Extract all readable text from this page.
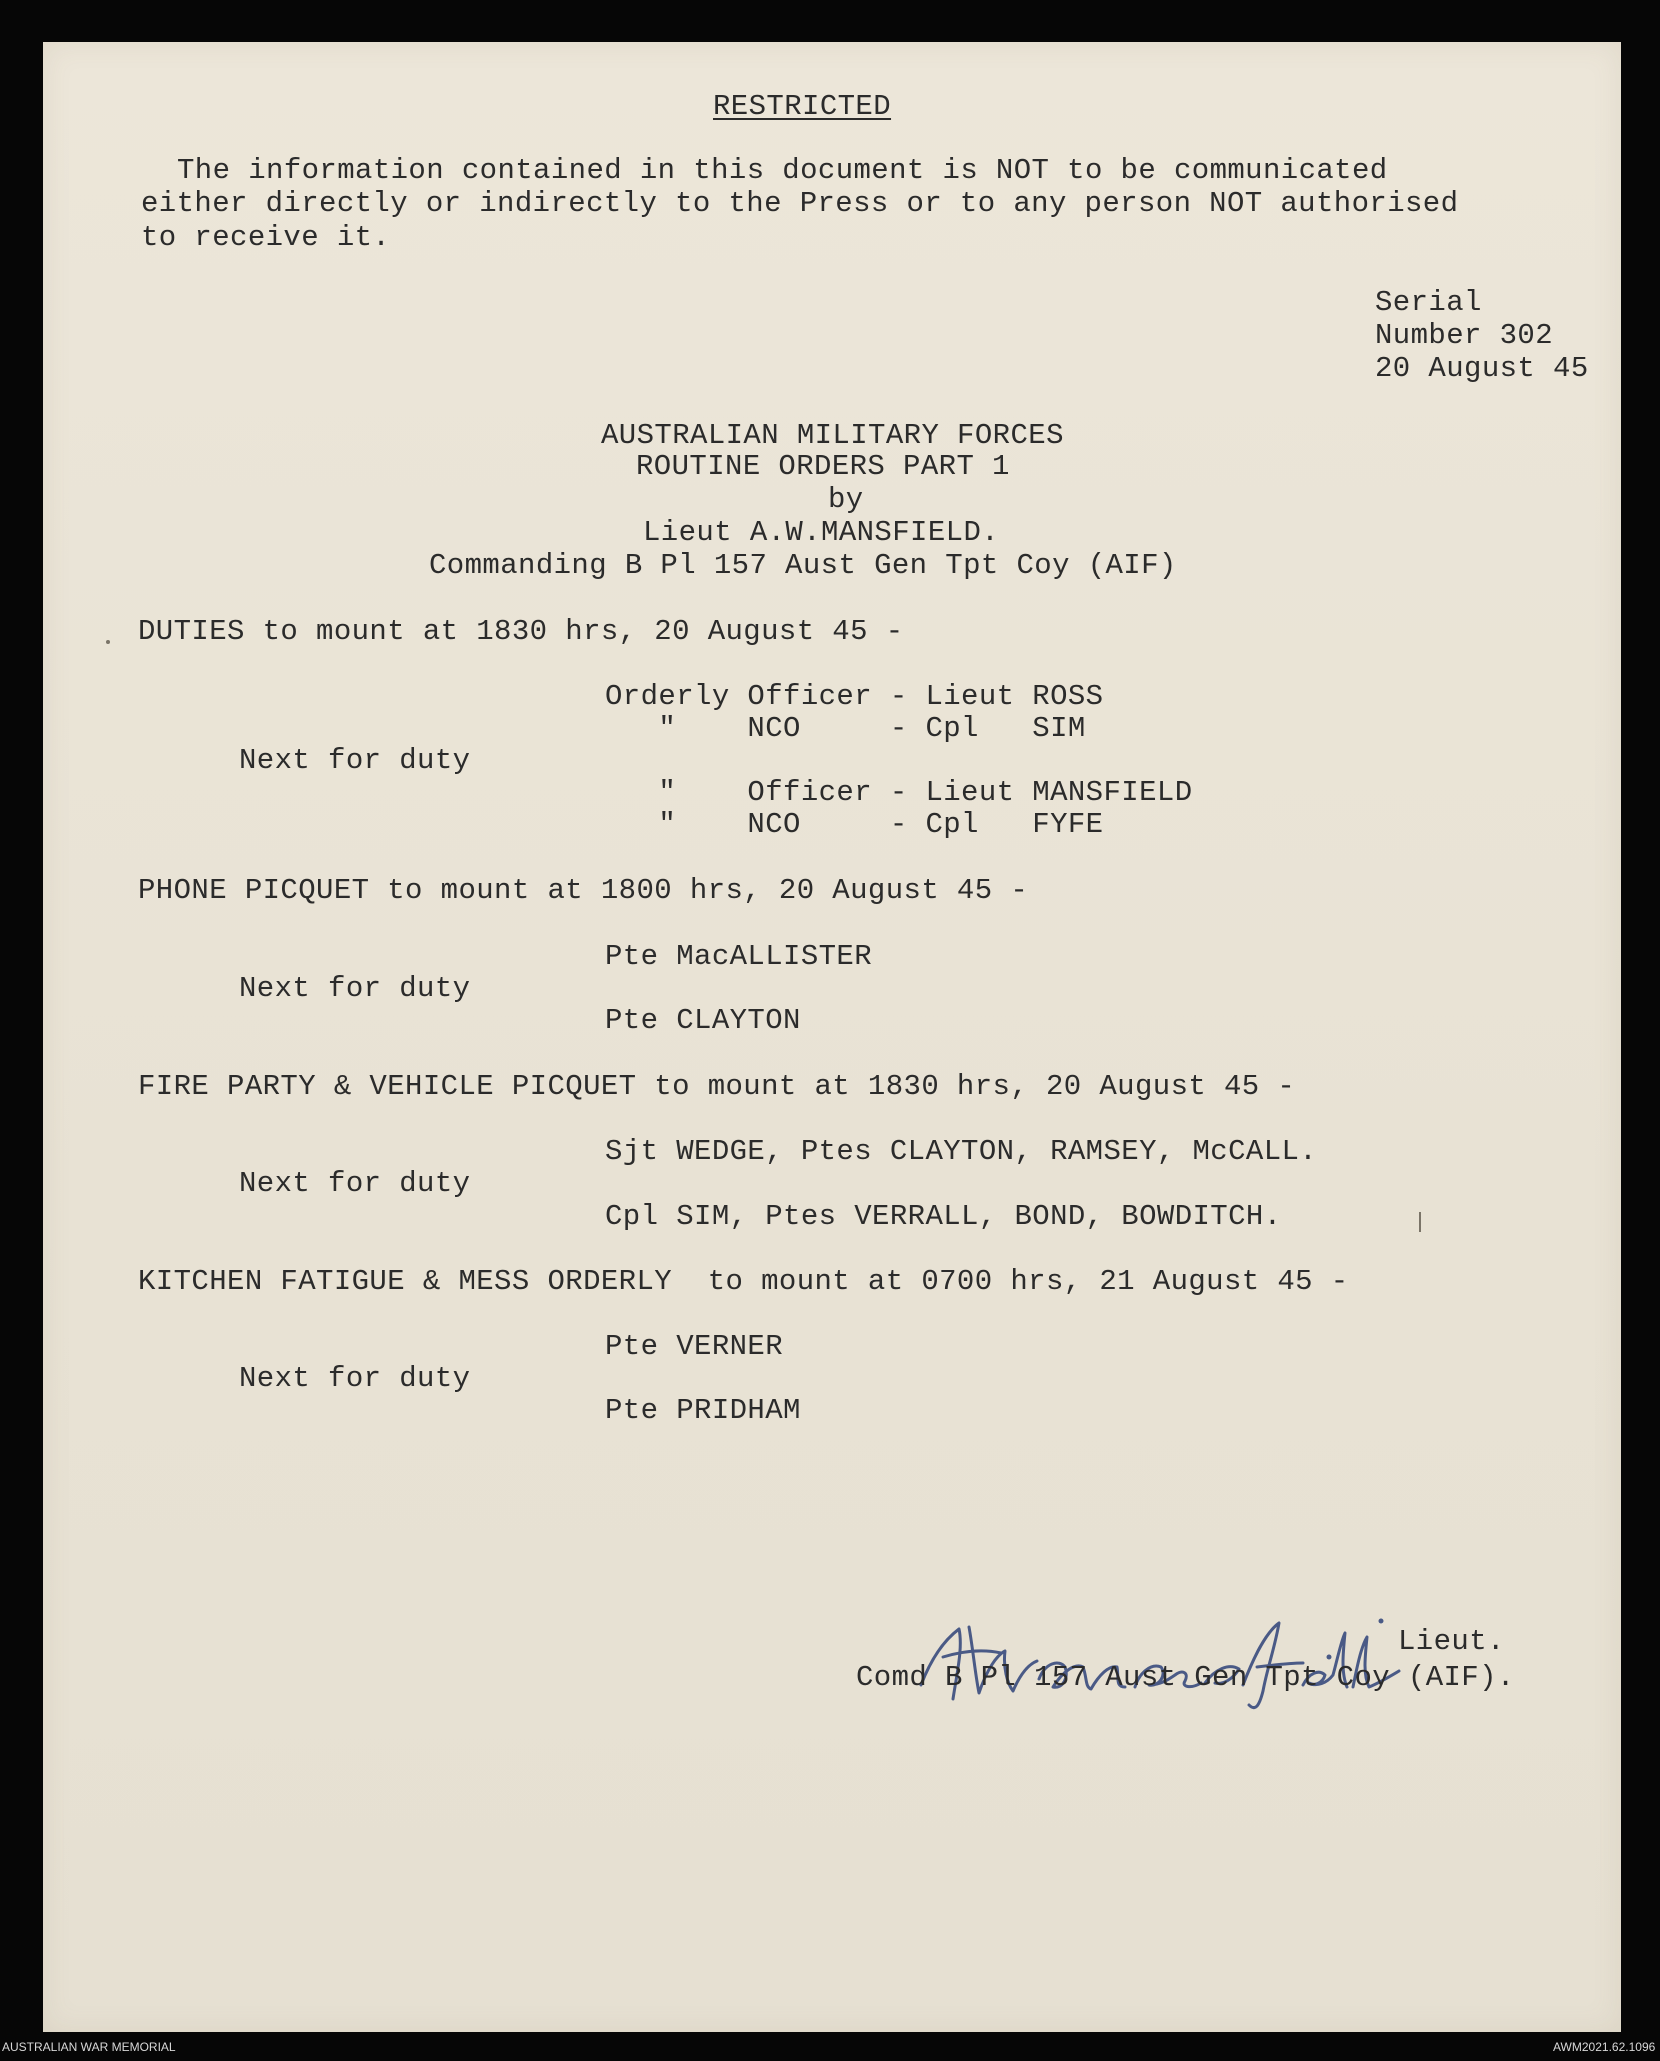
RESTRICTED
The information contained in this document is NOT to be communicated
either directly or indirectly to the Press or to any person NOT authorised
to receive it.
Serial
Number 302
20 August 45
AUSTRALIAN MILITARY FORCES
ROUTINE ORDERS PART 1
by
Lieut A.W.MANSFIELD.
Commanding B Pl 157 Aust Gen Tpt Coy (AIF)
DUTIES to mount at 1830 hrs, 20 August 45 -
Orderly Officer - Lieut ROSS
"    NCO     - Cpl   SIM
Next for duty
"    Officer - Lieut MANSFIELD
"    NCO     - Cpl   FYFE
PHONE PICQUET to mount at 1800 hrs, 20 August 45 -
Pte MacALLISTER
Next for duty
Pte CLAYTON
FIRE PARTY & VEHICLE PICQUET to mount at 1830 hrs, 20 August 45 -
Sjt WEDGE, Ptes CLAYTON, RAMSEY, McCALL.
Next for duty
Cpl SIM, Ptes VERRALL, BOND, BOWDITCH.
KITCHEN FATIGUE & MESS ORDERLY  to mount at 0700 hrs, 21 August 45 -
Pte VERNER
Next for duty
Pte PRIDHAM
Lieut.
Comd B Pl 157 Aust Gen Tpt Coy (AIF).
AUSTRALIAN WAR MEMORIAL	AWM2021.62.1096
